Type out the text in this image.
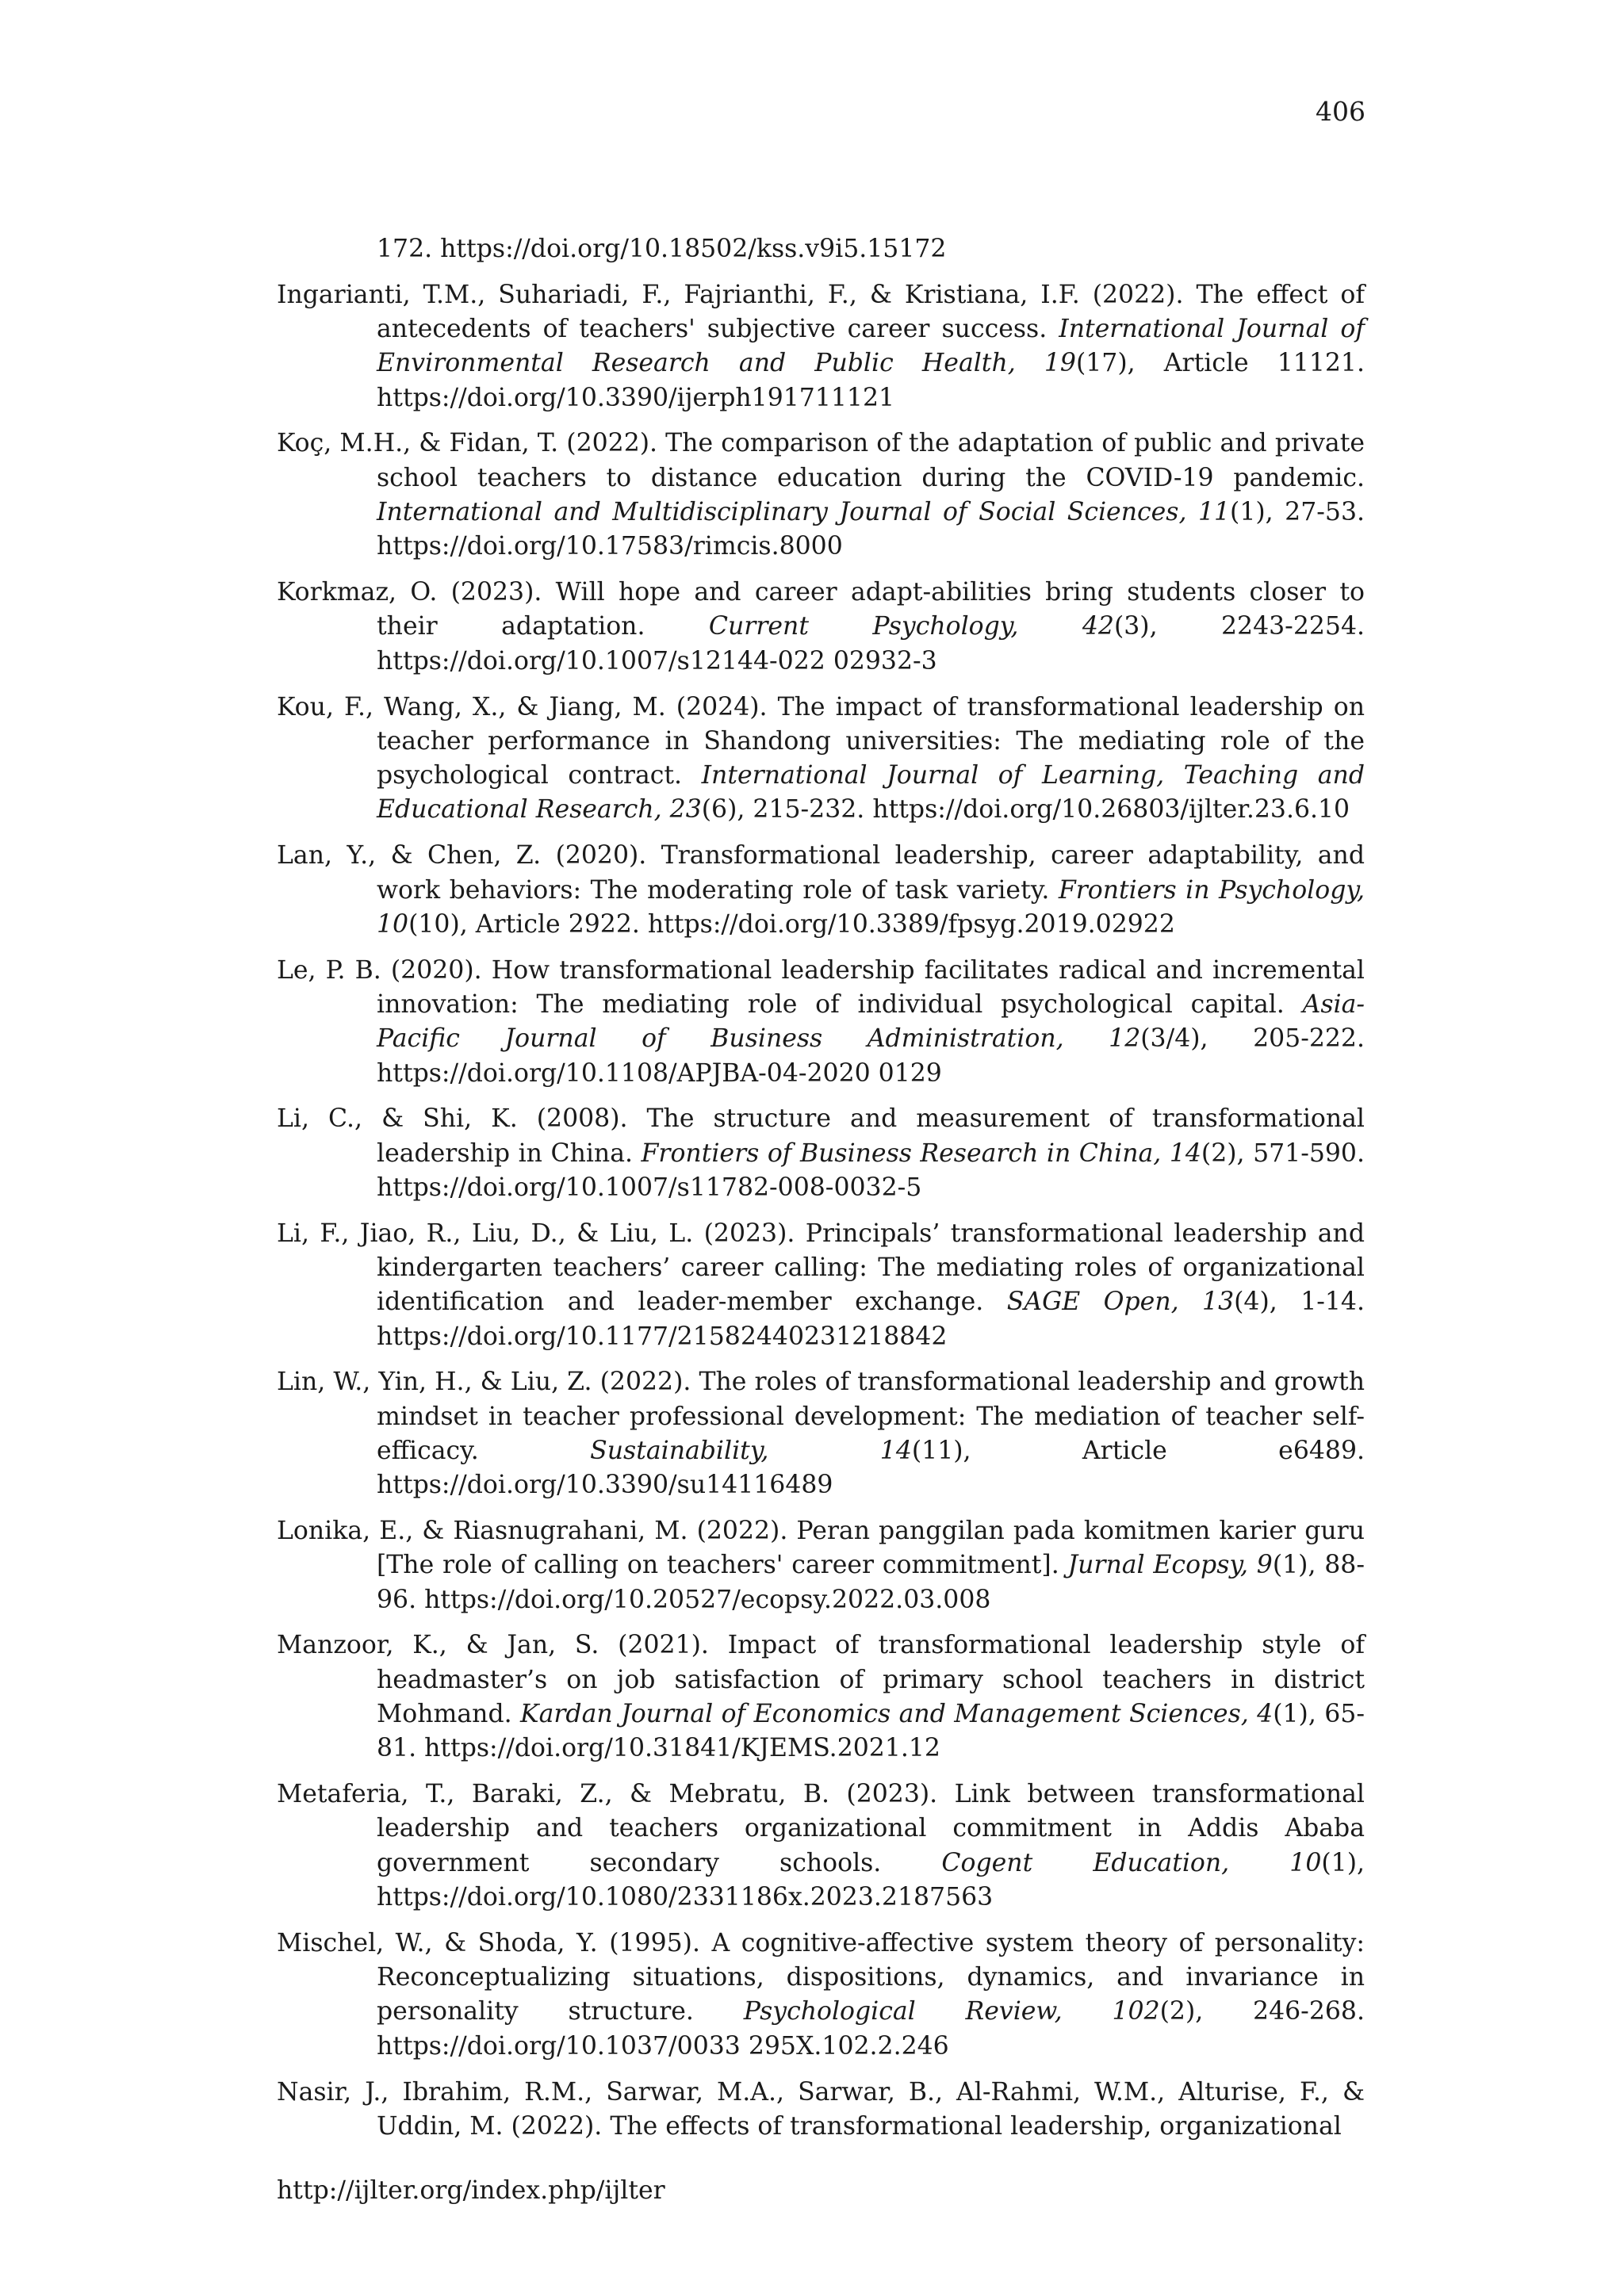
406

172. https://doi.org/10.18502/kss.v9i5.15172

Ingarianti, T.M., Suhariadi, F., Fajrianthi, F., & Kristiana, I.F. (2022). The effect of antecedents of teachers' subjective career success. International Journal of Environmental Research and Public Health, 19(17), Article 11121. https://doi.org/10.3390/ijerph191711121

Koç, M.H., & Fidan, T. (2022). The comparison of the adaptation of public and private school teachers to distance education during the COVID-19 pandemic. International and Multidisciplinary Journal of Social Sciences, 11(1), 27-53. https://doi.org/10.17583/rimcis.8000

Korkmaz, O. (2023). Will hope and career adapt-abilities bring students closer to their adaptation. Current Psychology, 42(3), 2243-2254. https://doi.org/10.1007/s12144-022 02932-3

Kou, F., Wang, X., & Jiang, M. (2024). The impact of transformational leadership on teacher performance in Shandong universities: The mediating role of the psychological contract. International Journal of Learning, Teaching and Educational Research, 23(6), 215-232. https://doi.org/10.26803/ijlter.23.6.10

Lan, Y., & Chen, Z. (2020). Transformational leadership, career adaptability, and work behaviors: The moderating role of task variety. Frontiers in Psychology, 10(10), Article 2922. https://doi.org/10.3389/fpsyg.2019.02922

Le, P. B. (2020). How transformational leadership facilitates radical and incremental innovation: The mediating role of individual psychological capital. Asia-Pacific Journal of Business Administration, 12(3/4), 205-222. https://doi.org/10.1108/APJBA-04-2020 0129

Li, C., & Shi, K. (2008). The structure and measurement of transformational leadership in China. Frontiers of Business Research in China, 14(2), 571-590. https://doi.org/10.1007/s11782-008-0032-5

Li, F., Jiao, R., Liu, D., & Liu, L. (2023). Principals’ transformational leadership and kindergarten teachers’ career calling: The mediating roles of organizational identification and leader-member exchange. SAGE Open, 13(4), 1-14. https://doi.org/10.1177/21582440231218842

Lin, W., Yin, H., & Liu, Z. (2022). The roles of transformational leadership and growth mindset in teacher professional development: The mediation of teacher self-efficacy. Sustainability, 14(11), Article e6489. https://doi.org/10.3390/su14116489

Lonika, E., & Riasnugrahani, M. (2022). Peran panggilan pada komitmen karier guru [The role of calling on teachers' career commitment]. Jurnal Ecopsy, 9(1), 88-96. https://doi.org/10.20527/ecopsy.2022.03.008

Manzoor, K., & Jan, S. (2021). Impact of transformational leadership style of headmaster’s on job satisfaction of primary school teachers in district Mohmand. Kardan Journal of Economics and Management Sciences, 4(1), 65-81. https://doi.org/10.31841/KJEMS.2021.12

Metaferia, T., Baraki, Z., & Mebratu, B. (2023). Link between transformational leadership and teachers organizational commitment in Addis Ababa government secondary schools. Cogent Education, 10(1), https://doi.org/10.1080/2331186x.2023.2187563

Mischel, W., & Shoda, Y. (1995). A cognitive-affective system theory of personality: Reconceptualizing situations, dispositions, dynamics, and invariance in personality structure. Psychological Review, 102(2), 246-268. https://doi.org/10.1037/0033 295X.102.2.246

Nasir, J., Ibrahim, R.M., Sarwar, M.A., Sarwar, B., Al-Rahmi, W.M., Alturise, F., & Uddin, M. (2022). The effects of transformational leadership, organizational

http://ijlter.org/index.php/ijlter
